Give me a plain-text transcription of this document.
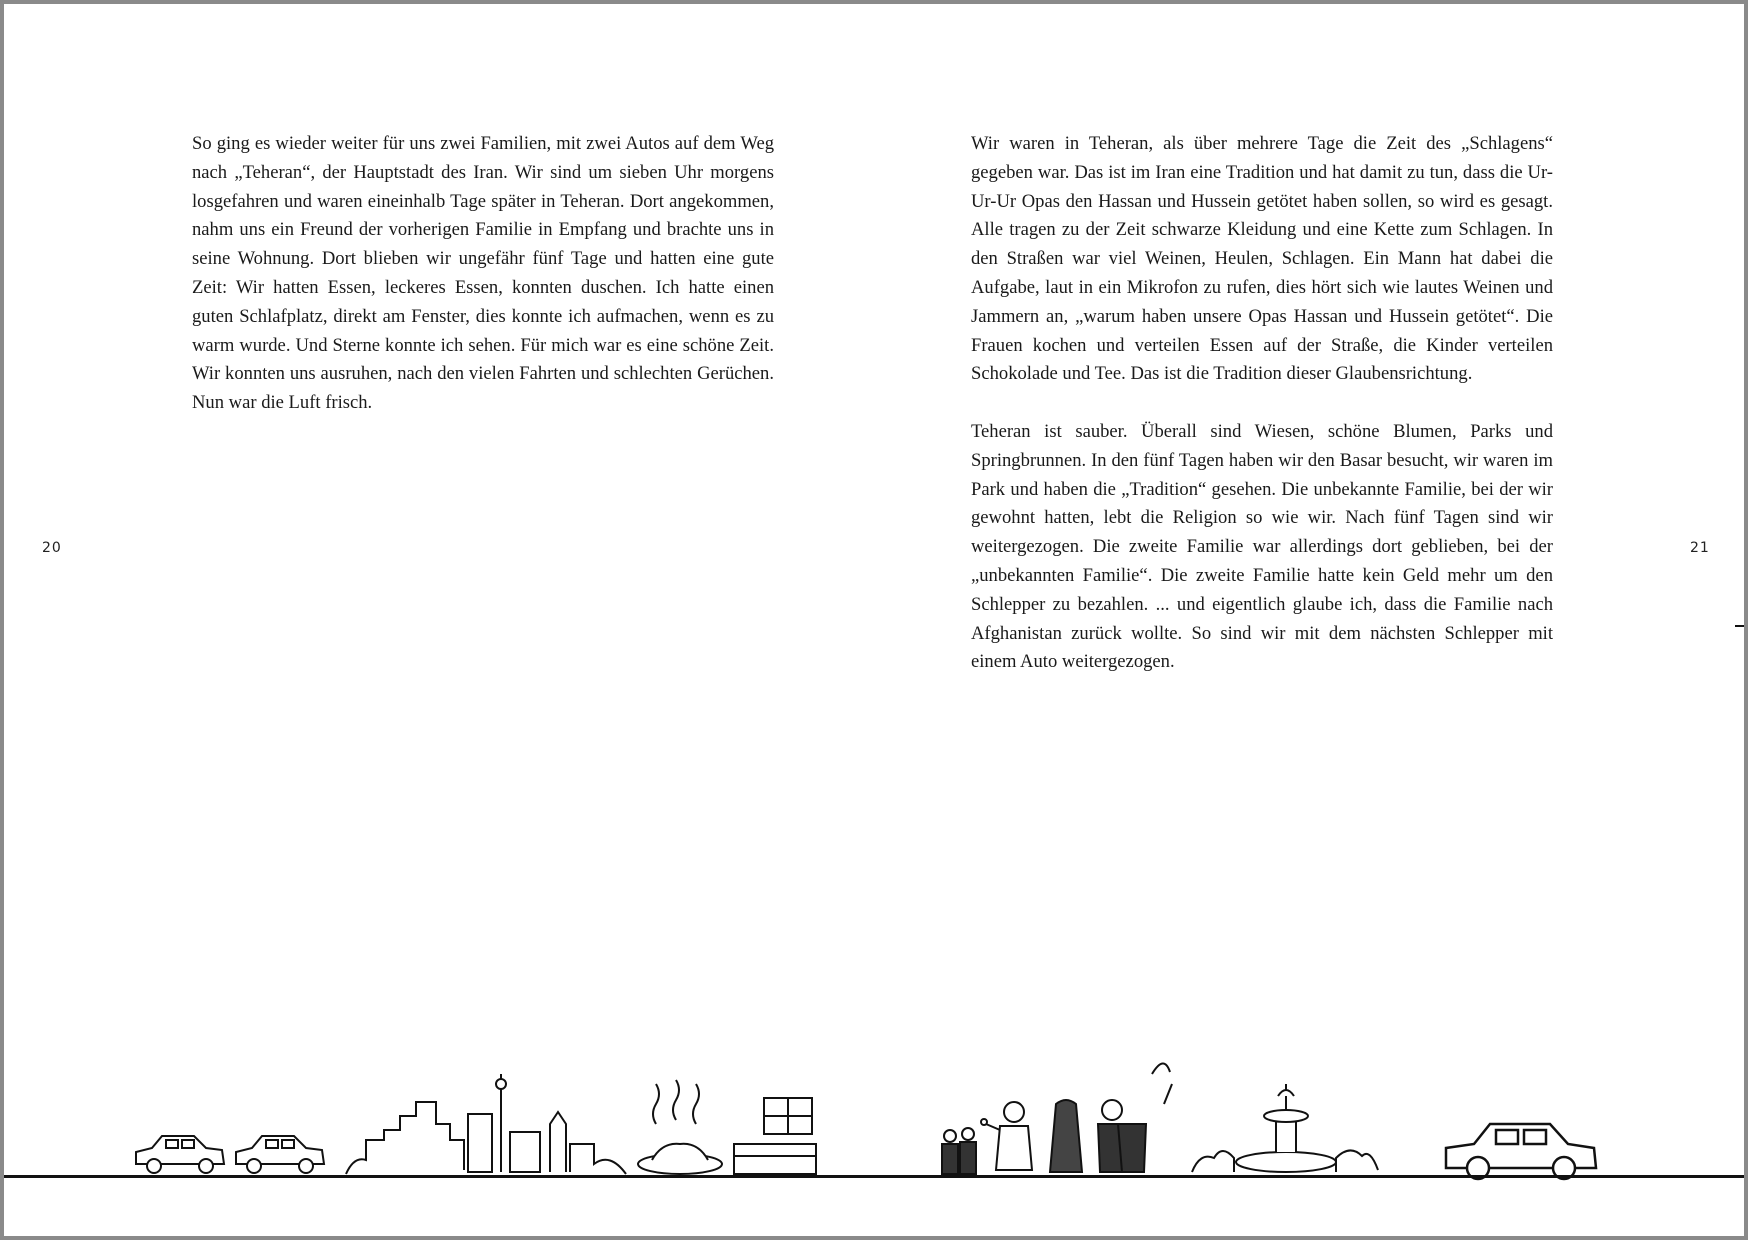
So ging es wieder weiter für uns zwei Familien, mit zwei Autos auf dem Weg nach „Teheran“, der Hauptstadt des Iran. Wir sind um sieben Uhr morgens losgefahren und waren eineinhalb Tage später in Teheran. Dort angekommen, nahm uns ein Freund der vorherigen Familie in Empfang und brachte uns in seine Wohnung. Dort blieben wir ungefähr fünf Tage und hatten eine gute Zeit: Wir hatten Essen, leckeres Essen, konnten duschen. Ich hatte einen guten Schlafplatz, direkt am Fenster, dies konnte ich aufmachen, wenn es zu warm wurde. Und Sterne konnte ich sehen. Für mich war es eine schöne Zeit. Wir konnten uns ausruhen, nach den vielen Fahrten und schlechten Gerüchen. Nun war die Luft frisch.

Wir waren in Teheran, als über mehrere Tage die Zeit des „Schlagens“ gegeben war. Das ist im Iran eine Tradition und hat damit zu tun, dass die Ur-Ur-Ur Opas den Hassan und Hussein getötet haben sollen, so wird es gesagt. Alle tragen zu der Zeit schwarze Kleidung und eine Kette zum Schlagen. In den Straßen war viel Weinen, Heulen, Schlagen. Ein Mann hat dabei die Aufgabe, laut in ein Mikrofon zu rufen, dies hört sich wie lautes Weinen und Jammern an, „warum haben unsere Opas Hassan und Hussein getötet“. Die Frauen kochen und verteilen Essen auf der Straße, die Kinder verteilen Schokolade und Tee. Das ist die Tradition dieser Glaubensrichtung.

Teheran ist sauber. Überall sind Wiesen, schöne Blumen, Parks und Springbrunnen. In den fünf Tagen haben wir den Basar besucht, wir waren im Park und haben die „Tradition“ gesehen. Die unbekannte Familie, bei der wir gewohnt hatten, lebt die Religion so wie wir. Nach fünf Tagen sind wir weitergezogen. Die zweite Familie war allerdings dort geblieben, bei der „unbekannten Familie“. Die zweite Familie hatte kein Geld mehr um den Schlepper zu bezahlen. ... und eigentlich glaube ich, dass die Familie nach Afghanistan zurück wollte. So sind wir mit dem nächsten Schlepper mit einem Auto weitergezogen.

20	21
